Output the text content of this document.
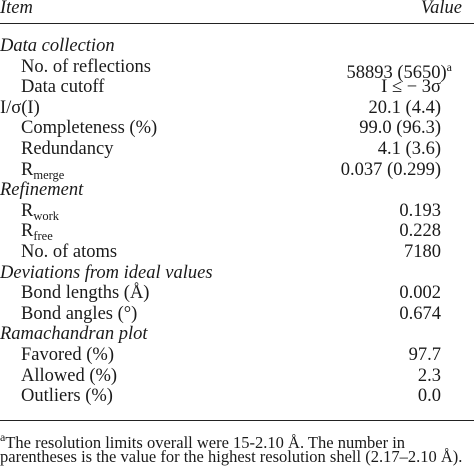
Item	Value
Data collection
No. of reflections	58893 $(5650)^a$
Data cutoff	I ≤ − 3σ
I/σ(I)	20.1 (4.4)
Completeness (%)	99.0 (96.3)
Redundancy	4.1 (3.6)
$R_{merge}$	0.037 (0.299)
Refinement
$R_{work}$	0.193
$R_{free}$	0.228
No. of atoms	7180
Deviations from ideal values
Bond lengths (Å)	0.002
Bond angles (°)	0.674
Ramachandran plot
Favored (%)	97.7
Allowed (%)	2.3
Outliers (%)	0.0
$^a$The resolution limits overall were 15-2.10 Å. The number in
parentheses is the value for the highest resolution shell (2.17–2.10 Å).
